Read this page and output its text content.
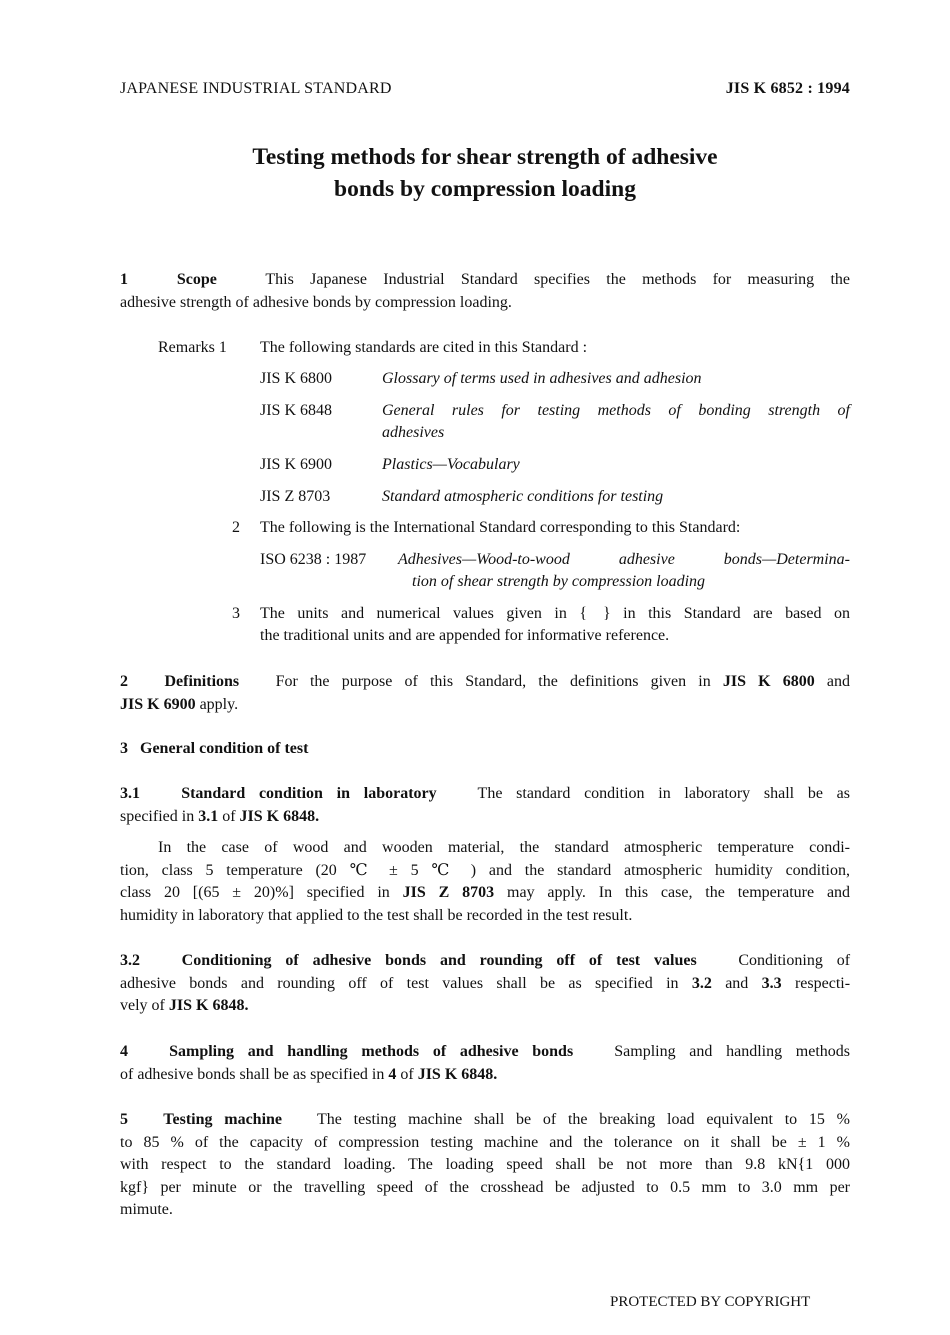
JAPANESE INDUSTRIAL STANDARD	JIS K 6852 : 1994
Testing methods for shear strength of adhesive
bonds by compression loading
1	Scope	This Japanese Industrial Standard specifies the methods for measuring the
adhesive strength of adhesive bonds by compression loading.
Remarks 1 The following standards are cited in this Standard :
JIS K 6800	Glossary of terms used in adhesives and adhesion
JIS K 6848	General rules for testing methods of bonding strength of
adhesives
JIS K 6900	Plastics—Vocabulary
JIS Z 8703	Standard atmospheric conditions for testing
2 The following is the International Standard corresponding to this Standard:
ISO 6238 : 1987 Adhesives—Wood-to-wood adhesive bonds—Determina-
tion of shear strength by compression loading
3 The units and numerical values given in { } in this Standard are based on
the traditional units and are appended for informative reference.
2 Definitions For the purpose of this Standard, the definitions given in JIS K 6800 and
JIS K 6900 apply.
3 General condition of test
3.1	Standard condition in laboratory	The standard condition in laboratory shall be as
specified in 3.1 of JIS K 6848.
In the case of wood and wooden material, the standard atmospheric temperature condi-
tion, class 5 temperature (20 ℃ ± 5 ℃ ) and the standard atmospheric humidity condition,
class 20 [(65 ± 20)%] specified in JIS Z 8703 may apply. In this case, the temperature and
humidity in laboratory that applied to the test shall be recorded in the test result.
3.2	Conditioning of adhesive bonds and rounding off of test values	Conditioning of
adhesive bonds and rounding off of test values shall be as specified in 3.2 and 3.3 respecti-
vely of JIS K 6848.
4	Sampling and handling methods of adhesive bonds	Sampling and handling methods
of adhesive bonds shall be as specified in 4 of JIS K 6848.
5 Testing machine The testing machine shall be of the breaking load equivalent to 15 %
to 85 % of the capacity of compression testing machine and the tolerance on it shall be ± 1 %
with respect to the standard loading. The loading speed shall be not more than 9.8 kN{1 000
kgf} per minute or the travelling speed of the crosshead be adjusted to 0.5 mm to 3.0 mm per
mimute.
PROTECTED BY COPYRIGHT
